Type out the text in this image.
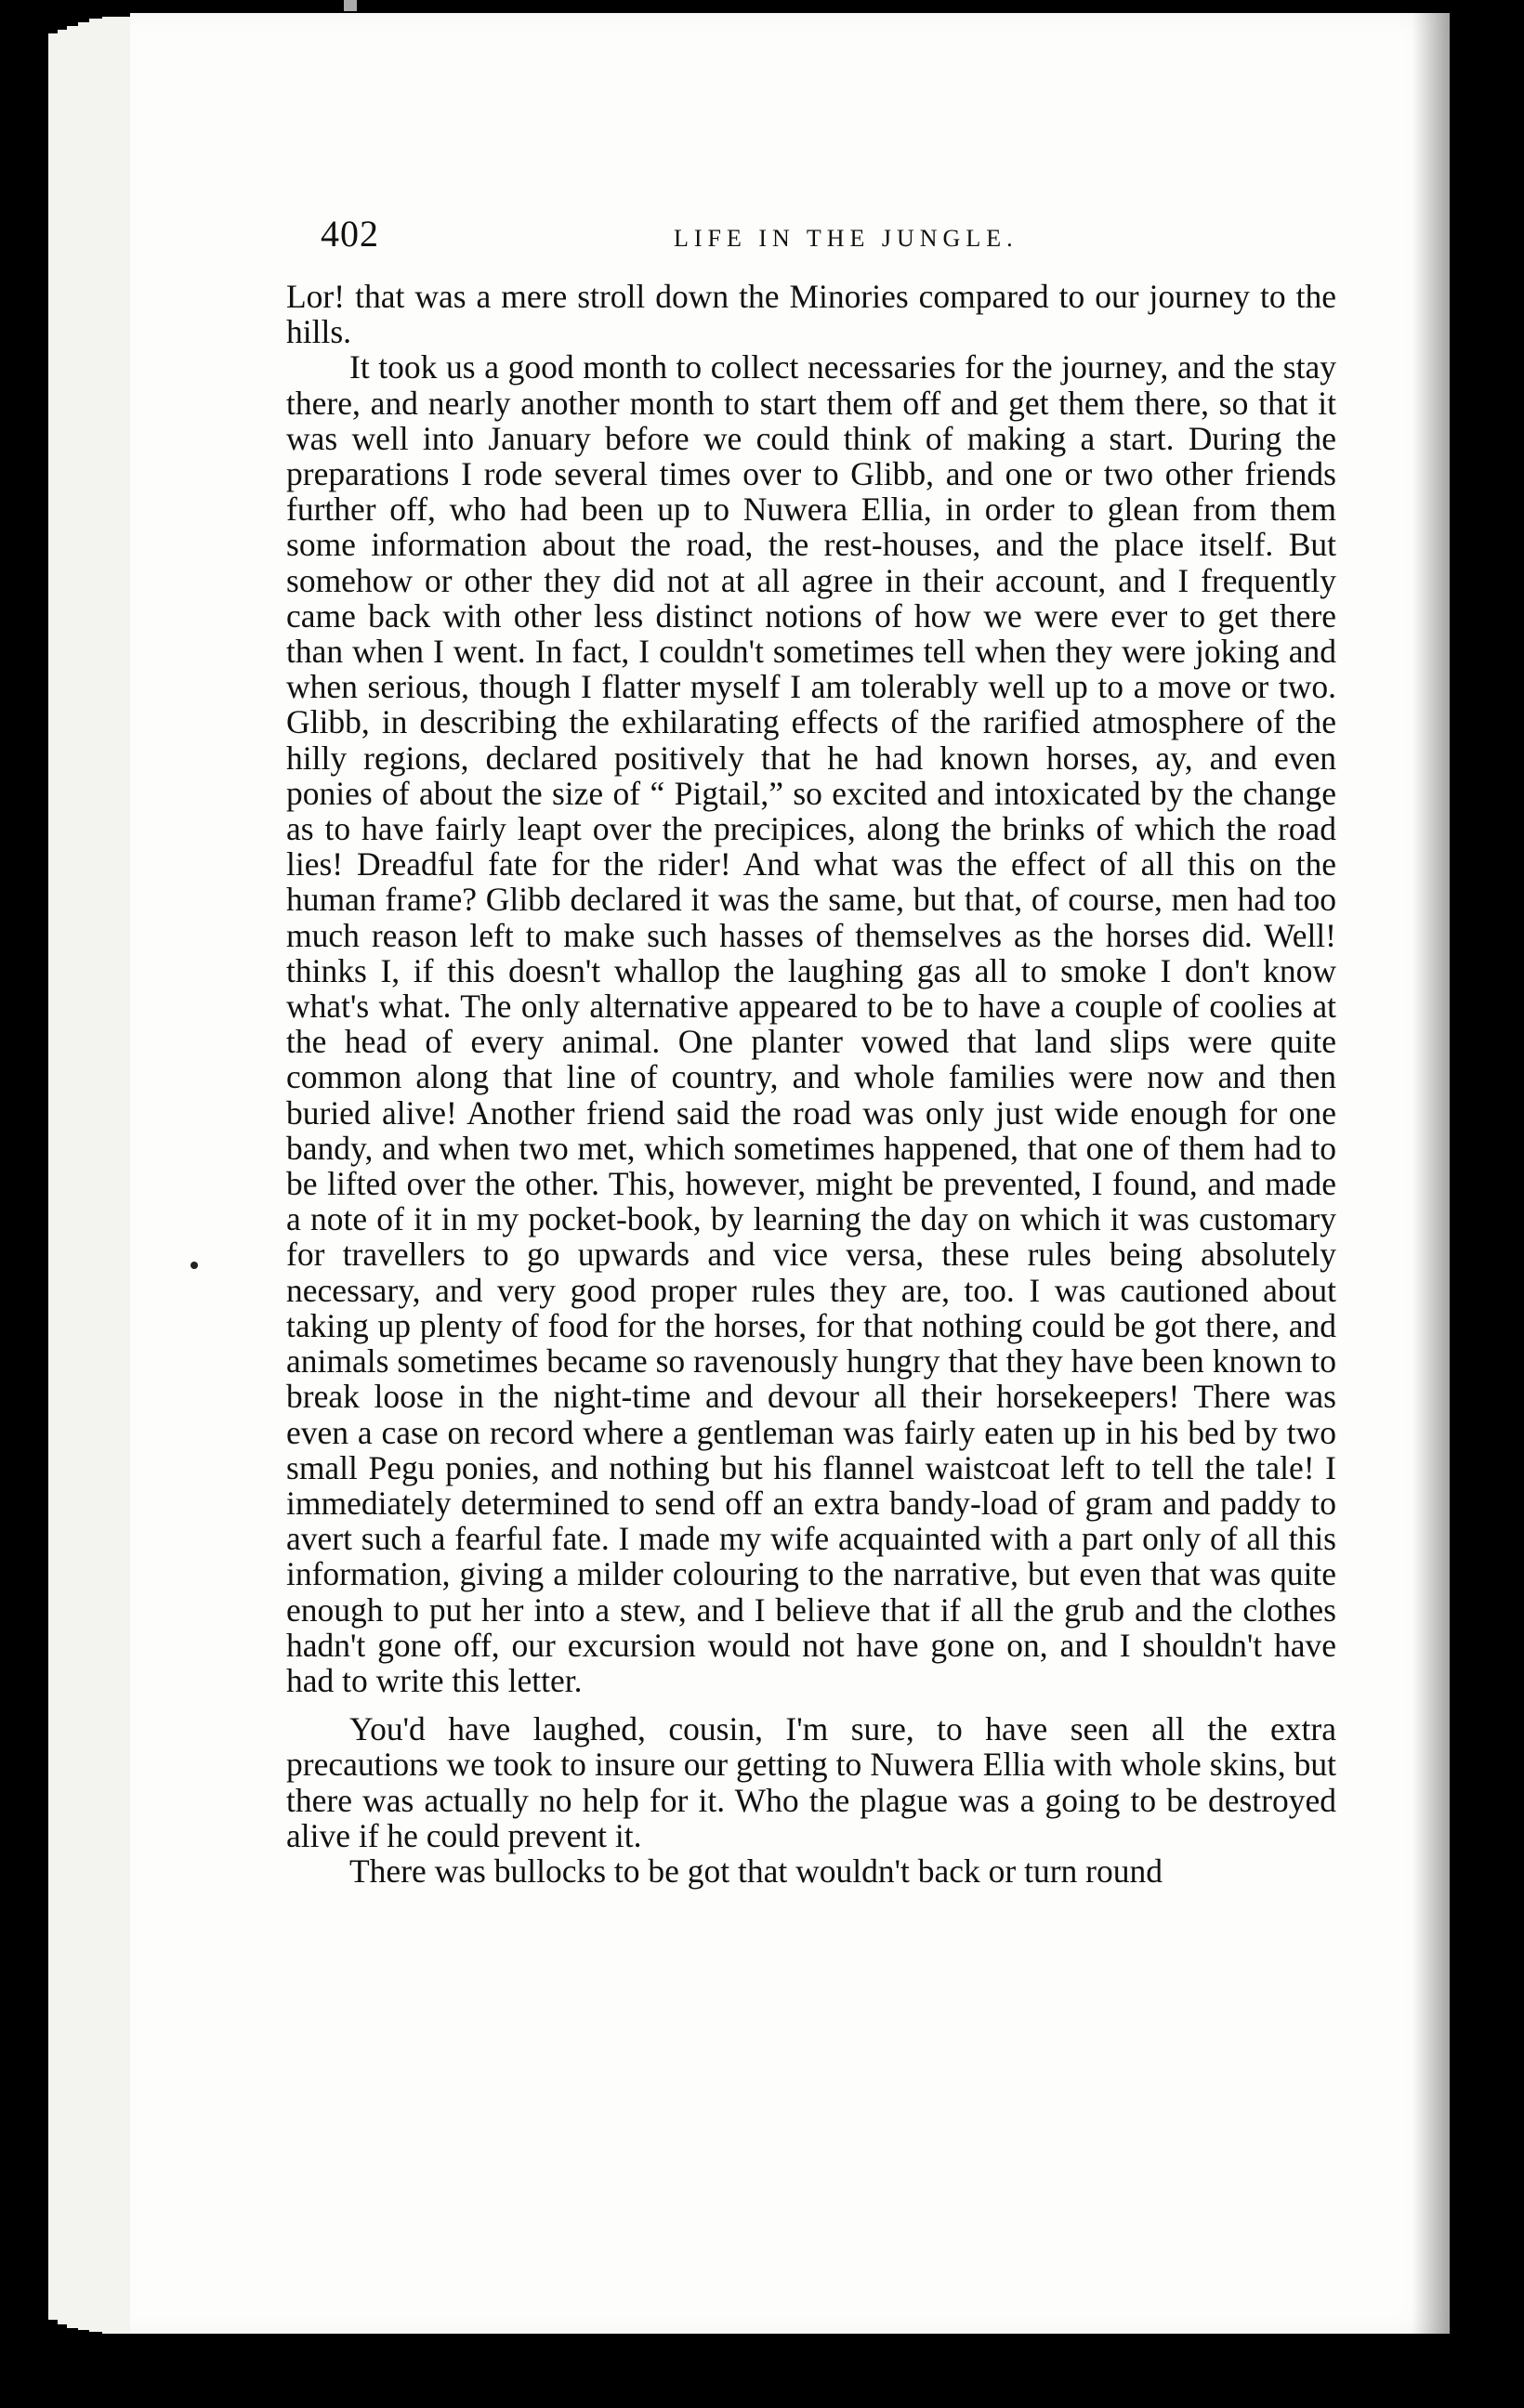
402	LIFE IN THE JUNGLE.

Lor! that was a mere stroll down the Minories compared to our journey to the hills.

It took us a good month to collect necessaries for the journey, and the stay there, and nearly another month to start them off and get them there, so that it was well into January before we could think of making a start. During the preparations I rode several times over to Glibb, and one or two other friends further off, who had been up to Nuwera Ellia, in order to glean from them some information about the road, the rest-houses, and the place itself. But somehow or other they did not at all agree in their account, and I frequently came back with other less distinct notions of how we were ever to get there than when I went. In fact, I couldn't sometimes tell when they were joking and when serious, though I flatter myself I am tolerably well up to a move or two. Glibb, in describing the exhilarating effects of the rarified atmosphere of the hilly regions, declared positively that he had known horses, ay, and even ponies of about the size of “ Pigtail,” so excited and intoxicated by the change as to have fairly leapt over the precipices, along the brinks of which the road lies! Dreadful fate for the rider! And what was the effect of all this on the human frame? Glibb declared it was the same, but that, of course, men had too much reason left to make such hasses of themselves as the horses did. Well! thinks I, if this doesn't whallop the laughing gas all to smoke I don't know what's what. The only alternative appeared to be to have a couple of coolies at the head of every animal. One planter vowed that land slips were quite common along that line of country, and whole families were now and then buried alive! Another friend said the road was only just wide enough for one bandy, and when two met, which sometimes happened, that one of them had to be lifted over the other. This, however, might be prevented, I found, and made a note of it in my pocket-book, by learning the day on which it was customary for travellers to go upwards and vice versa, these rules being absolutely necessary, and very good proper rules they are, too. I was cautioned about taking up plenty of food for the horses, for that nothing could be got there, and animals sometimes became so ravenously hungry that they have been known to break loose in the night-time and devour all their horsekeepers! There was even a case on record where a gentleman was fairly eaten up in his bed by two small Pegu ponies, and nothing but his flannel waistcoat left to tell the tale! I immediately determined to send off an extra bandy-load of gram and paddy to avert such a fearful fate. I made my wife acquainted with a part only of all this information, giving a milder colouring to the narrative, but even that was quite enough to put her into a stew, and I believe that if all the grub and the clothes hadn't gone off, our excursion would not have gone on, and I shouldn't have had to write this letter.

You'd have laughed, cousin, I'm sure, to have seen all the extra precautions we took to insure our getting to Nuwera Ellia with whole skins, but there was actually no help for it. Who the plague was a going to be destroyed alive if he could prevent it.

There was bullocks to be got that wouldn't back or turn round
